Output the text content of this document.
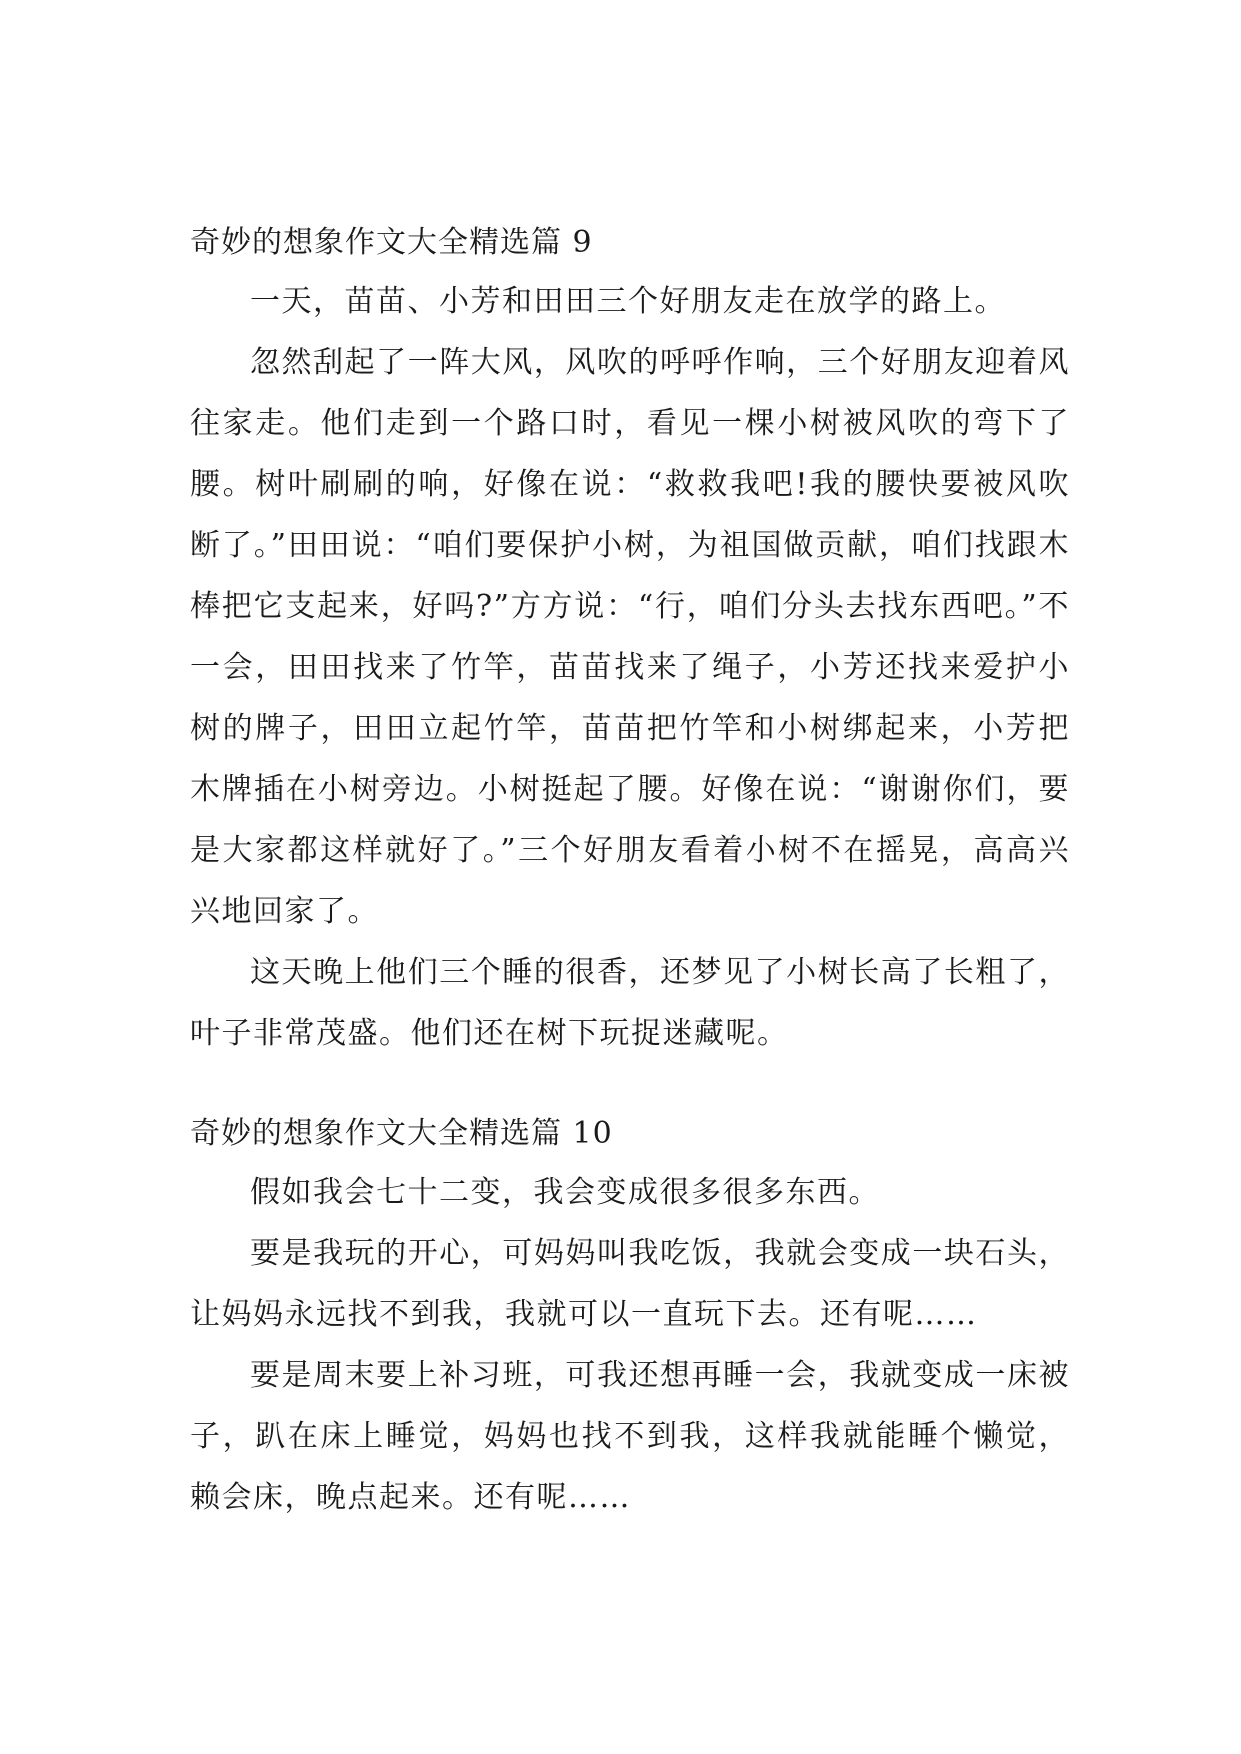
奇妙的想象作文大全精选篇 9

一天，苗苗、小芳和田田三个好朋友走在放学的路上。

忽然刮起了一阵大风，风吹的呼呼作响，三个好朋友迎着风往家走。他们走到一个路口时，看见一棵小树被风吹的弯下了腰。树叶刷刷的响，好像在说：“救救我吧!我的腰快要被风吹断了。”田田说：“咱们要保护小树，为祖国做贡献，咱们找跟木棒把它支起来，好吗?”方方说：“行，咱们分头去找东西吧。”不一会，田田找来了竹竿，苗苗找来了绳子，小芳还找来爱护小树的牌子，田田立起竹竿，苗苗把竹竿和小树绑起来，小芳把木牌插在小树旁边。小树挺起了腰。好像在说：“谢谢你们，要是大家都这样就好了。”三个好朋友看着小树不在摇晃，高高兴兴地回家了。

这天晚上他们三个睡的很香，还梦见了小树长高了长粗了，叶子非常茂盛。他们还在树下玩捉迷藏呢。

奇妙的想象作文大全精选篇 10

假如我会七十二变，我会变成很多很多东西。

要是我玩的开心，可妈妈叫我吃饭，我就会变成一块石头，让妈妈永远找不到我，我就可以一直玩下去。还有呢……

要是周末要上补习班，可我还想再睡一会，我就变成一床被子，趴在床上睡觉，妈妈也找不到我，这样我就能睡个懒觉，赖会床，晚点起来。还有呢……
